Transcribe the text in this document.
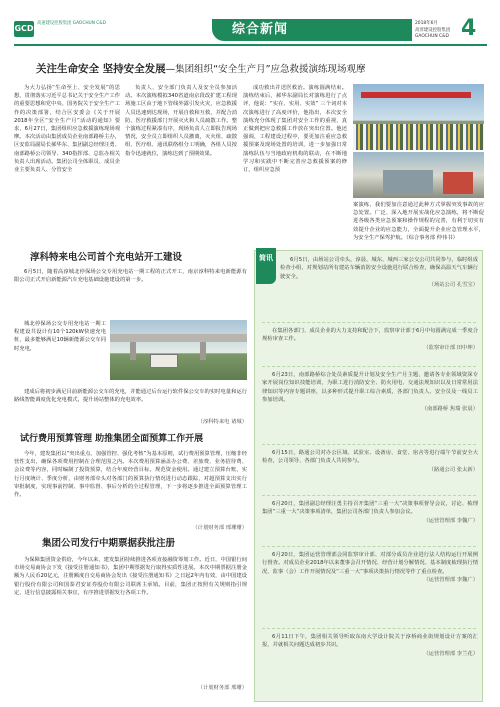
GCD
高速建设控股集团 GAOCHUN C&D	综合新闻	2018年6月
高淳建设控股集团
GAOCHUN C&D 4
关注生命安全 坚持安全发展—集团组织“安全生产月”应急救援演练现场观摩
为大力弘扬“生命至上、安全发展”的思想，贯彻落实习近平总书记关于安全生产工作的重要思想和党中央、国务院关于安全生产工作的决策部署，结合区安委会《关于开展2018年全区“安全生产月”活动的通知》要求，6月27日，集团组织应急救援演练现场观摩。本次活动由集团成员企业南部路桥主办，区安监局副局长郝华东、集团副总经理汪勇、南部路桥公司领导、340指挥部、总监办相关负责人出席活动。集团公司全体职员、成员企业主要负责人、分管安全
负责人、安全部门负责人及安全员参加活动。本次演练模拟340省道南京段改扩建工程现场施工区由于地下管线外露引发火灾，应急救援人员迅速到达现场，开展自救和互救，并配合消防、医疗救援部门开展灭火和人员疏散工作。整个演练过程紧凑有序，现场负责人立即报告现场情况，安全员立即组织人员撤离，灭火组、疏散组、医疗组、通讯联络组分工明确，各组人员按指令迅速就位，演练达到了预期效果。
成功救出并送医救治。演练圆满结束。演练结束后，郝华东副局长对演练进行了点评，他说：“实在、实用、实效” 三个词对本次演练进行了高度评价，他指出，本次安全演练充分体现了集团对安全工作的重视，真正做到把应急救援工作放在突出位置。他还强调，工程建设过程中，要更加注重应急救援预案及现场处置的培训，进一步加强日常演练队伍与当地政府机构的联动，在不断地学习和实践中不断完善应急救援预案的修订，组织应急预
案演练，我们要加注意通过此种方式掌握突发事故的应急处置。广泛、深入地开展实战化应急演练，将不断促进各级各类应急预案和操作规程的完善，有利于切实有效提升企业的应急能力，全面提升企业应急管理水平，为安全生产保驾护航。（综合事务部 仲伟书）
淳科特来电公司首个充电站开工建设
6月5日，随着高淳城北停保场公交专用充电站一期工程的正式开工，南京淳科特来电新能源有限公司正式开启新能源汽车充电基础设施建设的第一步。
城北停保场公交专用充电站一期工程建设共设计有10个120kW快速充电桩，最多能够满足10辆新能源公交车同时充电，
建成后将初步满足目前新能源公交车的充电，并能通过后台运行软件保公交车的实时电量和运行路线智能调度优化充电模式，提升场站整体的充电效率。
（淳科特来电 诸城）
试行费用预算管理 助推集团全面预算工作开展
今年，建发集团以“突出重点、加强管控、强化考核”为基本原则，试行费用预算管理，压缩非经营性支出，确保各项费用控制在合理范围之内。本次费用预算涵盖办公费、差旅费、业务招待费、会议费等内容，同时编制了投资预算，结合年度经营目标，规范资金使用。通过建立预算台账，实行月度统计、季度分析，由财务部牵头对各部门的预算执行情况进行动态跟踪，对超预算支出实行审批制度，实现事前控制、事中监督、事后分析的全过程管理，下一步将逐步推进全面预算管理工作。
（计划财务部 邢珊珊）
集团公司发行中期票据获批注册
为保障集团资金供给，今年以来，建发集团持续推进各项直接融资筹划工作。近日，中国银行间市场交易商协会下发《接受注册通知书》，集团中期票据发行取得实质性进展。本次中期票据注册金额为人民币20亿元，注册额度自交易商协会发出《接受注册通知书》之日起2年内有效，由中国建设银行股份有限公司和国泰君安证券股份有限公司联席主承销。目前，集团正按照有关规则指引规定，进行信息披露相关事宜，有序推进票据发行各项工作。
（计划财务部 邢珊）
简讯	6月5日，由场站公司牵头，淳晨、城东、城西三家公交公司共同参与，临时组成检查小组，对规划站所有建站车辆消防安全设施进行联合检查，确保高温天气车辆行驶安全。
（场站公司 孔雪宝）
在集团各部门、成员企业的大力支持和配合下，监察审计部于6月中旬圆满完成一季度合规检审查工作。
（监察审计部 田中坤）
6月23日，南部路桥综合处员素质提升计划及安全生产月主题，邀请各专业领域资深专家开展岗位知识技能培训，为职工进行消防安全、防火用电、交通法规知识以及日常常用法律知识等内容专题讲座，以多种形式提升职工综合素质，各部门负责人、安全员及一线员工参加培训。
（南部路桥 焦瑞 张晨）
6月15日，路通公司对办公区域、试验室、设备房、食堂、宿舍等进行端午节前安全大检查，公司领导、各部门负责人共同参与。
（路通公司 张太新）
6月20日，集团副总经理汪勇主持召开集团“三重一大”决策事项督导会议，讨论、梳理集团“三重一大”决策事项清单，集团公司各部门负责人参加会议。
（运营管理部 李魏广）
6月20日，集团运营管理部会同监察审计部、对部分成员企业进行法人结构运行开展例行督查。对成员企业2018年以来董事会召开情况、经营计划分解情况、基本制度梳理执行情况、监事（会）工作开展情况及“三重一大”事项决策执行情况等作了重点检查。
（运营管理部 李魏广）
6月11日下午，集团相关领导听取东南大学设计院关于淳桥商业街规划设计方案的汇报，并就相关问题达成初步共识。
（运营管理部 李兰花）
